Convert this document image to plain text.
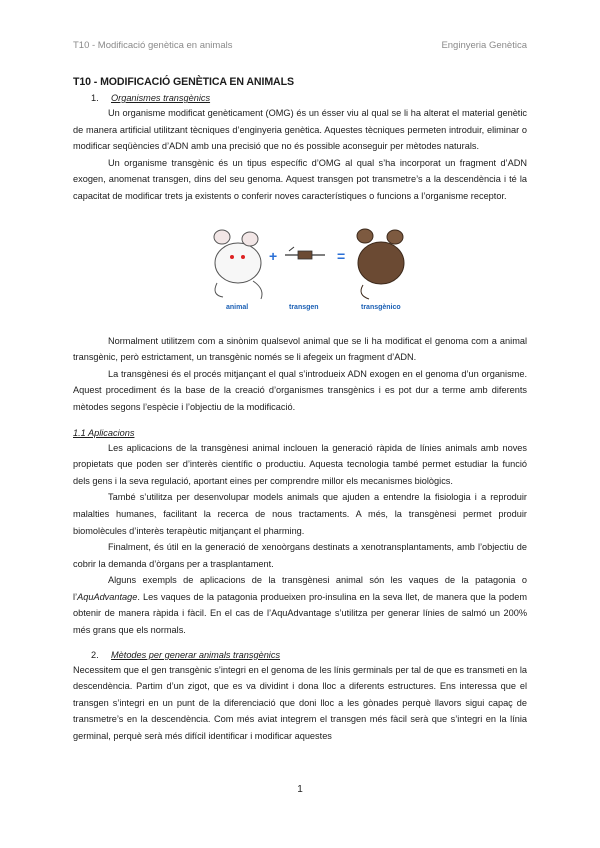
T10 - Modificació genètica en animals	Enginyeria Genètica
T10 - MODIFICACIÓ GENÈTICA EN ANIMALS
1. Organismes transgènics

Un organisme modificat genèticament (OMG) és un ésser viu al qual se li ha alterat el material genètic de manera artificial utilitzant tècniques d’enginyeria genètica. Aquestes tècniques permeten introduir, eliminar o modificar seqüències d’ADN amb una precisió que no és possible aconseguir per mètodes naturals.

Un organisme transgènic és un tipus específic d’OMG al qual s’ha incorporat un fragment d’ADN exogen, anomenat transgen, dins del seu genoma. Aquest transgen pot transmetre’s a la descendència i té la capacitat de modificar trets ja existents o conferir noves característiques o funcions a l’organisme receptor.

animal
+
transgen
=
transgènico

Normalment utilitzem com a sinònim qualsevol animal que se li ha modificat el genoma com a animal transgènic, però estrictament, un transgènic només se li afegeix un fragment d’ADN.

La transgènesi és el procés mitjançant el qual s’introdueix ADN exogen en el genoma d’un organisme. Aquest procediment és la base de la creació d’organismes transgènics i es pot dur a terme amb diferents mètodes segons l’espècie i l’objectiu de la modificació.

1.1 Aplicacions

Les aplicacions de la transgènesi animal inclouen la generació ràpida de línies animals amb noves propietats que poden ser d’interès científic o productiu. Aquesta tecnologia també permet estudiar la funció dels gens i la seva regulació, aportant eines per comprendre millor els mecanismes biològics.

També s’utilitza per desenvolupar models animals que ajuden a entendre la fisiologia i a reproduir malalties humanes, facilitant la recerca de nous tractaments. A més, la transgènesi permet produir biomolècules d’interès terapèutic mitjançant el pharming.

Finalment, és útil en la generació de xenoòrgans destinats a xenotransplantaments, amb l’objectiu de cobrir la demanda d’òrgans per a trasplantament.

Alguns exempls de aplicacions de la transgènesi animal són les vaques de la patagonia o l’AquAdvantage. Les vaques de la patagonia produeixen pro-insulina en la seva llet, de manera que la podem obtenir de manera ràpida i fàcil. En el cas de l’AquAdvantage s’utilitza per generar línies de salmó un 200% més grans que els normals.

2. Mètodes per generar animals transgènics

Necessitem que el gen transgènic s’integri en el genoma de les línis germinals per tal de que es transmeti en la descendència. Partim d’un zigot, que es va dividint i dona lloc a diferents estructures. Ens interessa que el transgen s’integri en un punt de la diferenciació que doni lloc a les gònades perquè llavors sigui capaç de transmetre’s en la descendència. Com més aviat integrem el transgen més fàcil serà que s’integri en la línia germinal, perquè serà més difícil identificar i modificar aquestes

1
